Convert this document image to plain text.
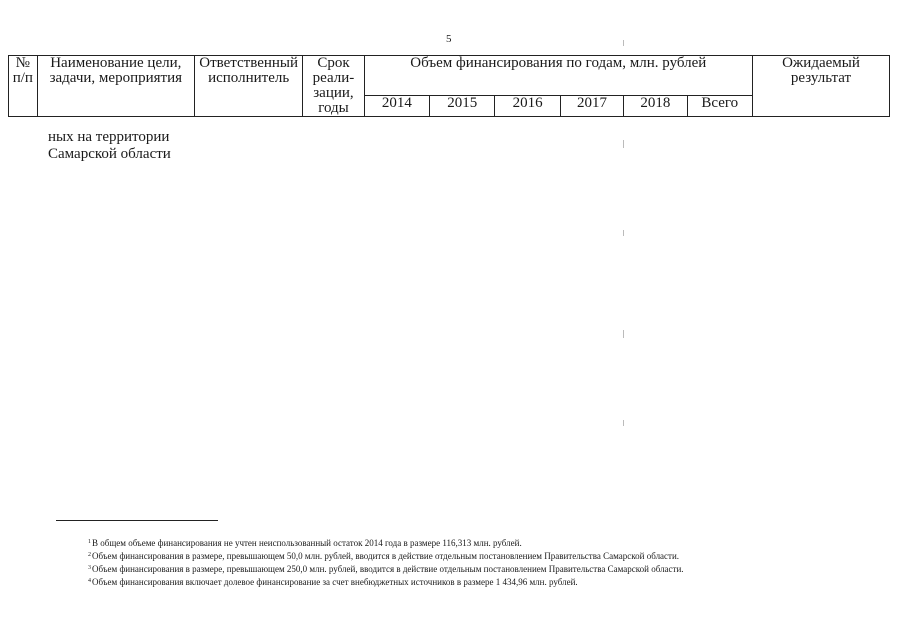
5
№ п/п	Наименование цели, задачи, мероприятия	Ответственный исполнитель	Срок реали- зации, годы	Объем финансирования по годам, млн. рублей						Ожидаемый результат
				2014	2015	2016	2017	2018	Всего	
ных на территории Самарской области
$^1$В общем объеме финансирования не учтен неиспользованный остаток 2014 года в размере 116,313 млн. рублей.
$^2$Объем финансирования в размере, превышающем 50,0 млн. рублей, вводится в действие отдельным постановлением Правительства Самарской области.
$^3$Объем финансирования в размере, превышающем 250,0 млн. рублей, вводится в действие отдельным постановлением Правительства Самарской области.
$^4$Объем финансирования включает долевое финансирование за счет внебюджетных источников в размере 1 434,96 млн. рублей.
